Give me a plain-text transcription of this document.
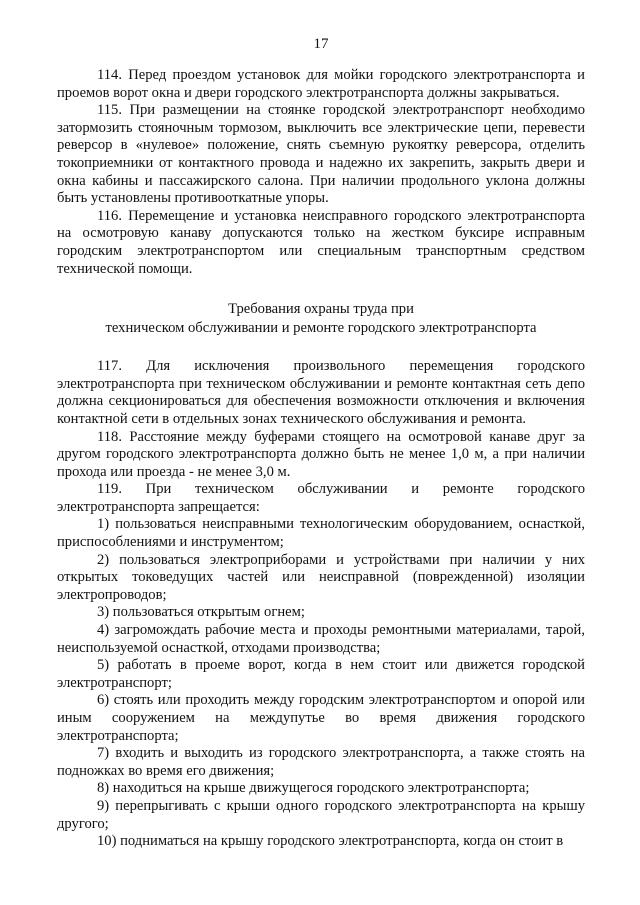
17

114. Перед проездом установок для мойки городского электротранспорта и проемов ворот окна и двери городского электротранспорта должны закрываться.

115. При размещении на стоянке городской электротранспорт необходимо затормозить стояночным тормозом, выключить все электрические цепи, перевести реверсор в «нулевое» положение, снять съемную рукоятку реверсора, отделить токоприемники от контактного провода и надежно их закрепить, закрыть двери и окна кабины и пассажирского салона. При наличии продольного уклона должны быть установлены противооткатные упоры.

116. Перемещение и установка неисправного городского электротранспорта на осмотровую канаву допускаются только на жестком буксире исправным городским электротранспортом или специальным транспортным средством технической помощи.

Требования охраны труда при
техническом обслуживании и ремонте городского электротранспорта

117. Для исключения произвольного перемещения городского электротранспорта при техническом обслуживании и ремонте контактная сеть депо должна секционироваться для обеспечения возможности отключения и включения контактной сети в отдельных зонах технического обслуживания и ремонта.

118. Расстояние между буферами стоящего на осмотровой канаве друг за другом городского электротранспорта должно быть не менее 1,0 м, а при наличии прохода или проезда - не менее 3,0 м.

119. При техническом обслуживании и ремонте городского электротранспорта запрещается:

1) пользоваться неисправными технологическим оборудованием, оснасткой, приспособлениями и инструментом;

2) пользоваться электроприборами и устройствами при наличии у них открытых токоведущих частей или неисправной (поврежденной) изоляции электропроводов;

3) пользоваться открытым огнем;

4) загромождать рабочие места и проходы ремонтными материалами, тарой, неиспользуемой оснасткой, отходами производства;

5) работать в проеме ворот, когда в нем стоит или движется городской электротранспорт;

6) стоять или проходить между городским электротранспортом и опорой или иным сооружением на междупутье во время движения городского электротранспорта;

7) входить и выходить из городского электротранспорта, а также стоять на подножках во время его движения;

8) находиться на крыше движущегося городского электротранспорта;

9) перепрыгивать с крыши одного городского электротранспорта на крышу другого;

10) подниматься на крышу городского электротранспорта, когда он стоит в
